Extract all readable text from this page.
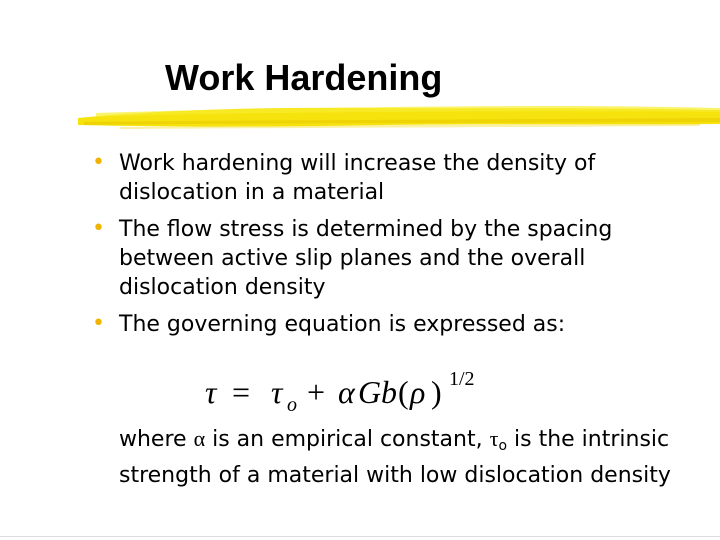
Work Hardening
• Work hardening will increase the density of dislocation in a material
• The flow stress is determined by the spacing between active slip planes and the overall dislocation density
• The governing equation is expressed as:
τ = τ o + α G b ( ρ ) 1/2

where α is an empirical constant, $\tau_o$ is the intrinsic strength of a material with low dislocation density
